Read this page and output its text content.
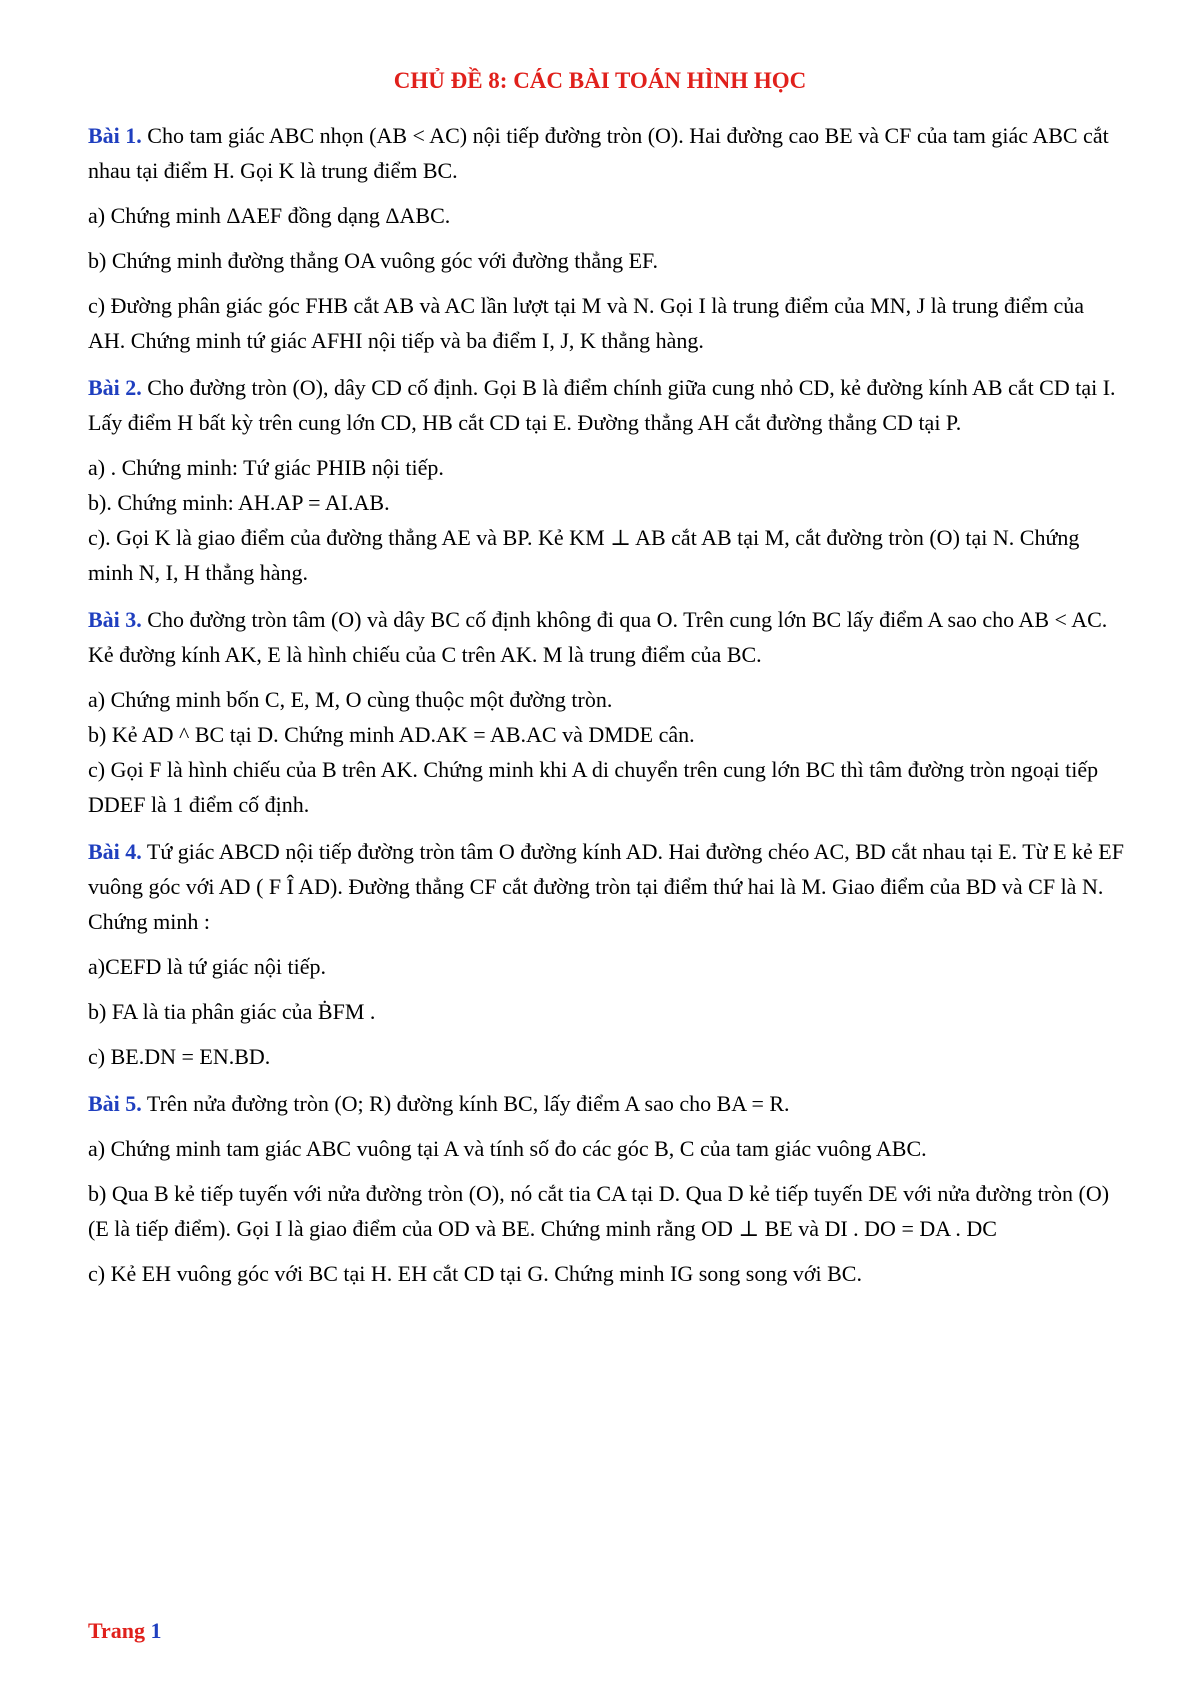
CHỦ ĐỀ 8: CÁC BÀI TOÁN HÌNH HỌC

Bài 1. Cho tam giác ABC nhọn (AB < AC) nội tiếp đường tròn (O). Hai đường cao BE và CF của tam giác ABC cắt nhau tại điểm H. Gọi K là trung điểm BC.

a) Chứng minh ΔAEF đồng dạng ΔABC.

b) Chứng minh đường thẳng OA vuông góc với đường thẳng EF.

c) Đường phân giác góc FHB cắt AB và AC lần lượt tại M và N. Gọi I là trung điểm của MN, J là trung điểm của AH. Chứng minh tứ giác AFHI nội tiếp và ba điểm I, J, K thẳng hàng.

Bài 2. Cho đường tròn (O), dây CD cố định. Gọi B là điểm chính giữa cung nhỏ CD, kẻ đường kính AB cắt CD tại I. Lấy điểm H bất kỳ trên cung lớn CD, HB cắt CD tại E. Đường thẳng AH cắt đường thẳng CD tại P.

a) . Chứng minh: Tứ giác PHIB nội tiếp.

b). Chứng minh: AH.AP = AI.AB.

c). Gọi K là giao điểm của đường thẳng AE và BP. Kẻ KM ⊥ AB cắt AB tại M, cắt đường tròn (O) tại N. Chứng minh N, I, H thẳng hàng.

Bài 3. Cho đường tròn tâm (O) và dây BC cố định không đi qua O. Trên cung lớn BC lấy điểm A sao cho AB < AC. Kẻ đường kính AK, E là hình chiếu của C trên AK. M là trung điểm của BC.

a) Chứng minh bốn C, E, M, O cùng thuộc một đường tròn.

b) Kẻ AD ^ BC tại D. Chứng minh AD.AK = AB.AC và DMDE cân.

c) Gọi F là hình chiếu của B trên AK. Chứng minh khi A di chuyển trên cung lớn BC thì tâm đường tròn ngoại tiếp DDEF là 1 điểm cố định.

Bài 4. Tứ giác ABCD nội tiếp đường tròn tâm O đường kính AD. Hai đường chéo AC, BD cắt nhau tại E. Từ E kẻ EF vuông góc với AD ( F Î AD). Đường thẳng CF cắt đường tròn tại điểm thứ hai là M. Giao điểm của BD và CF là N. Chứng minh :

a)CEFD là tứ giác nội tiếp.

b) FA là tia phân giác của ḂFM .

c) BE.DN = EN.BD.

Bài 5. Trên nửa đường tròn (O; R) đường kính BC, lấy điểm A sao cho BA = R.

a) Chứng minh tam giác ABC vuông tại A và tính số đo các góc B, C của tam giác vuông ABC.

b) Qua B kẻ tiếp tuyến với nửa đường tròn (O), nó cắt tia CA tại D. Qua D kẻ tiếp tuyến DE với nửa đường tròn (O) (E là tiếp điểm). Gọi I là giao điểm của OD và BE. Chứng minh rằng OD ⊥ BE và DI . DO = DA . DC

c) Kẻ EH vuông góc với BC tại H. EH cắt CD tại G. Chứng minh IG song song với BC.

Trang 1
